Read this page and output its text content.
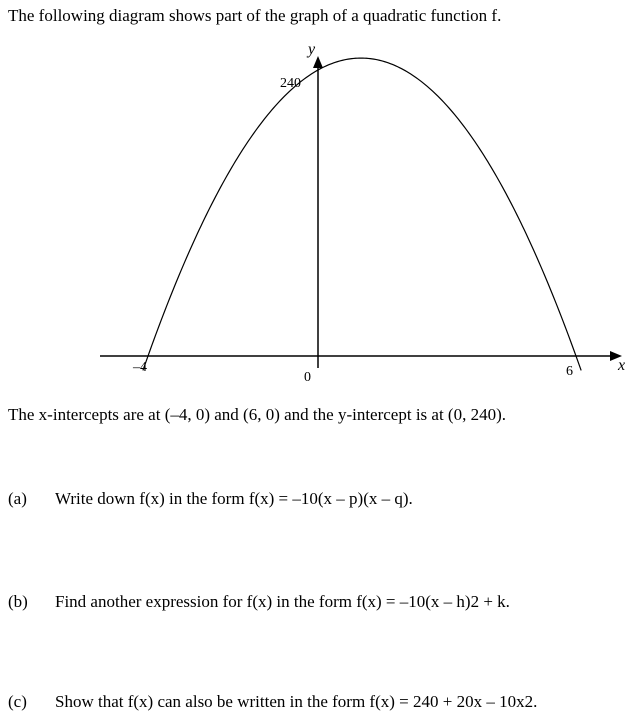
The following diagram shows part of the graph of a quadratic function f.
x
y
240
–4
0	6
The x-intercepts are at (–4, 0) and (6, 0) and the y-intercept is at (0, 240).
(a) Write down f(x) in the form f(x) = –10(x – p)(x – q).
(b) Find another expression for f(x) in the form f(x) = –10(x – h)2 + k.
(c) Show that f(x) can also be written in the form f(x) = 240 + 20x – 10x2.
